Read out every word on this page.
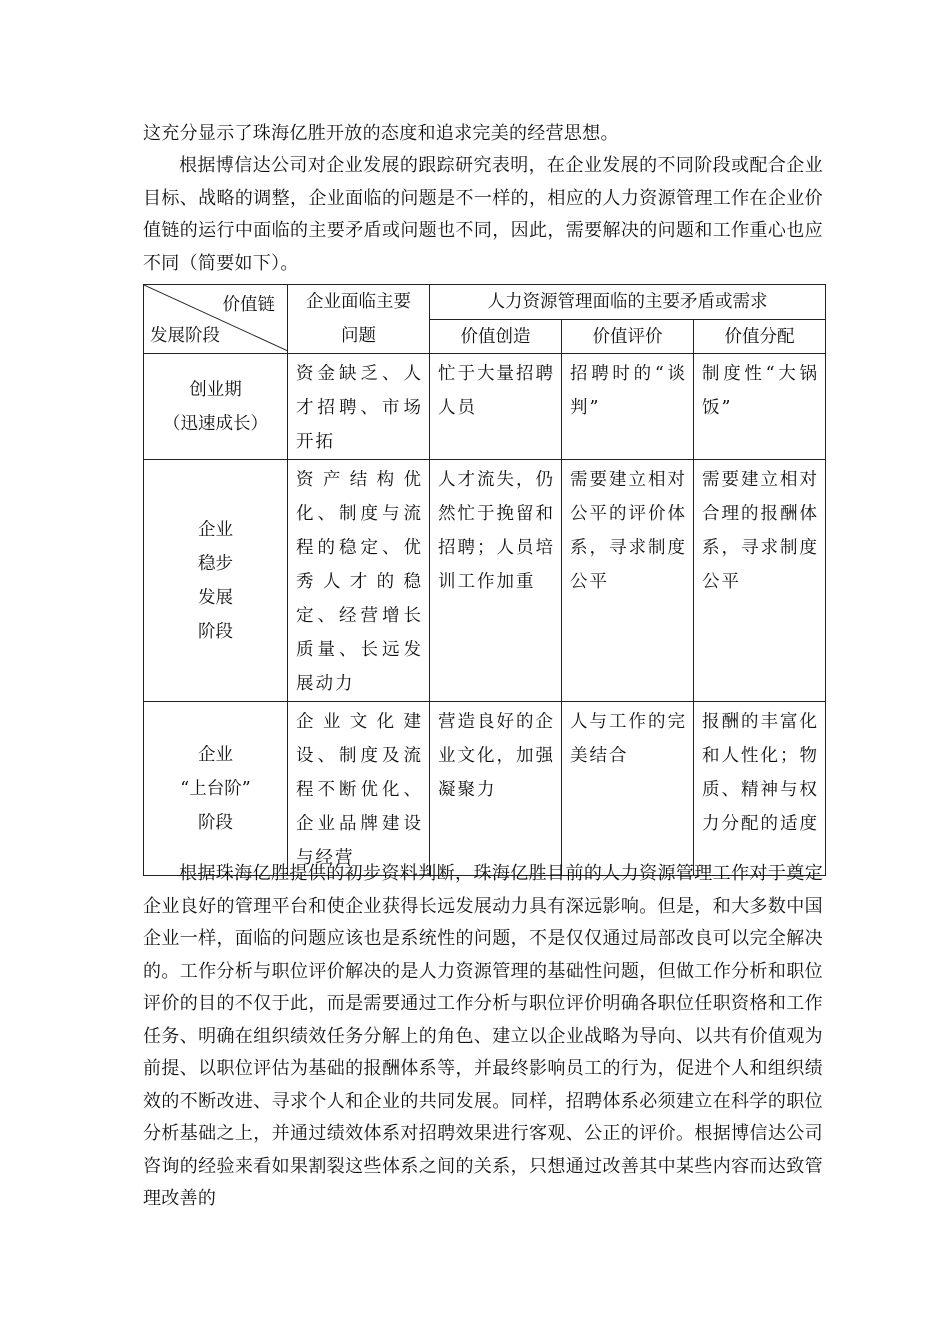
这充分显示了珠海亿胜开放的态度和追求完美的经营思想。

根据博信达公司对企业发展的跟踪研究表明，在企业发展的不同阶段或配合企业目标、战略的调整，企业面临的问题是不一样的，相应的人力资源管理工作在企业价值链的运行中面临的主要矛盾或问题也不同，因此，需要解决的问题和工作重心也应不同（简要如下）。

价值链
发展阶段	企业面临主要问题	人力资源管理面临的主要矛盾或需求		
		价值创造	价值评价	价值分配

创业期
（迅速成长）	资金缺乏、人才招聘、市场开拓	忙于大量招聘人员	招聘时的“谈判”	制度性“大锅饭”

企业
稳步
发展
阶段	资产结构优化、制度与流程的稳定、优秀人才的稳定、经营增长质量、长远发展动力	人才流失，仍然忙于挽留和招聘；人员培训工作加重	需要建立相对公平的评价体系，寻求制度公平	需要建立相对合理的报酬体系，寻求制度公平

企业
“上台阶”
阶段	企业文化建设、制度及流程不断优化、企业品牌建设与经营	营造良好的企业文化，加强凝聚力	人与工作的完美结合	报酬的丰富化和人性化；物质、精神与权力分配的适度

根据珠海亿胜提供的初步资料判断，珠海亿胜目前的人力资源管理工作对于奠定企业良好的管理平台和使企业获得长远发展动力具有深远影响。但是，和大多数中国企业一样，面临的问题应该也是系统性的问题，不是仅仅通过局部改良可以完全解决的。工作分析与职位评价解决的是人力资源管理的基础性问题，但做工作分析和职位评价的目的不仅于此，而是需要通过工作分析与职位评价明确各职位任职资格和工作任务、明确在组织绩效任务分解上的角色、建立以企业战略为导向、以共有价值观为前提、以职位评估为基础的报酬体系等，并最终影响员工的行为，促进个人和组织绩效的不断改进、寻求个人和企业的共同发展。同样，招聘体系必须建立在科学的职位分析基础之上，并通过绩效体系对招聘效果进行客观、公正的评价。根据博信达公司咨询的经验来看如果割裂这些体系之间的关系，只想通过改善其中某些内容而达致管理改善的
